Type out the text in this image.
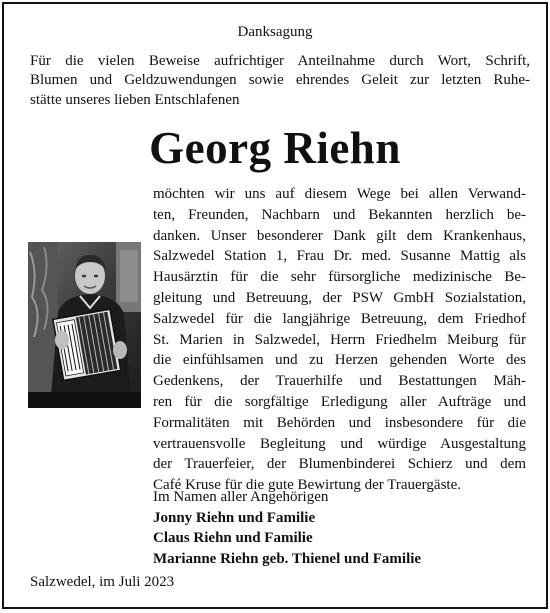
Danksagung
Für die vielen Beweise aufrichtiger Anteilnahme durch Wort, Schrift,
Blumen und Geldzuwendungen sowie ehrendes Geleit zur letzten Ruhe-
stätte unseres lieben Entschlafenen
Georg Riehn
möchten wir uns auf diesem Wege bei allen Verwand-
ten, Freunden, Nachbarn und Bekannten herzlich be-
danken. Unser besonderer Dank gilt dem Krankenhaus,
Salzwedel Station 1, Frau Dr. med. Susanne Mattig als
Hausärztin für die sehr fürsorgliche medizinische Be-
gleitung und Betreuung, der PSW GmbH Sozialstation,
Salzwedel für die langjährige Betreuung, dem Friedhof
St. Marien in Salzwedel, Herrn Friedhelm Meiburg für
die einfühlsamen und zu Herzen gehenden Worte des
Gedenkens, der Trauerhilfe und Bestattungen Mäh-
ren für die sorgfältige Erledigung aller Aufträge und
Formalitäten mit Behörden und insbesondere für die
vertrauensvolle Begleitung und würdige Ausgestaltung
der Trauerfeier, der Blumenbinderei Schierz und dem
Café Kruse für die gute Bewirtung der Trauergäste.
Im Namen aller Angehörigen
Jonny Riehn und Familie
Claus Riehn und Familie
Marianne Riehn geb. Thienel und Familie
Salzwedel, im Juli 2023
